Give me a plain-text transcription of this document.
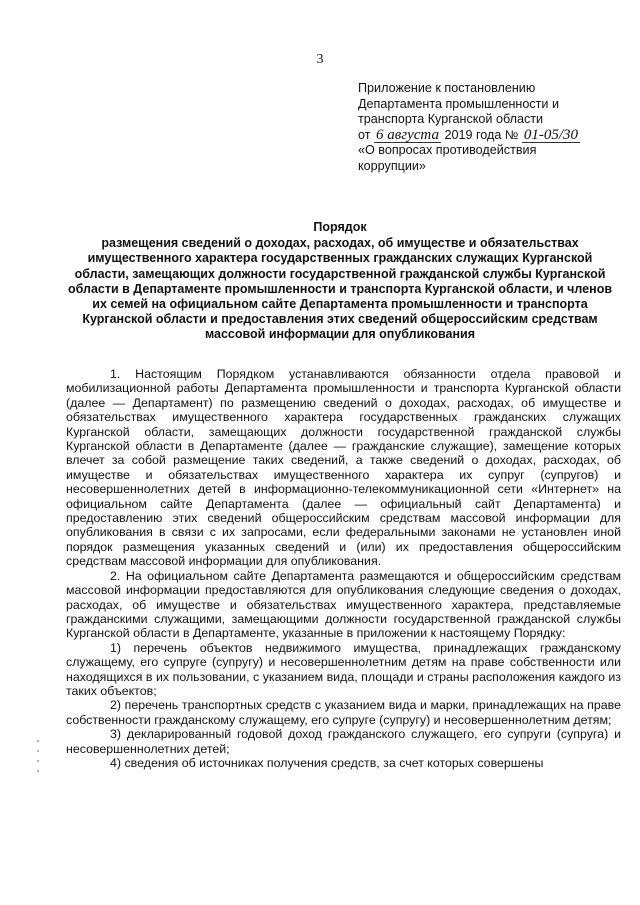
3
Приложение к постановлению
Департамента промышленности и
транспорта Курганской области
от 6 августа 2019 года № 01-05/30
«О вопросах противодействия
коррупции»
Порядок
размещения сведений о доходах, расходах, об имуществе и обязательствах имущественного характера государственных гражданских служащих Курганской области, замещающих должности государственной гражданской службы Курганской области в Департаменте промышленности и транспорта Курганской области, и членов их семей на официальном сайте Департамента промышленности и транспорта Курганской области и предоставления этих сведений общероссийским средствам массовой информации для опубликования

1. Настоящим Порядком устанавливаются обязанности отдела правовой и мобилизационной работы Департамента промышленности и транспорта Курганской области (далее — Департамент) по размещению сведений о доходах, расходах, об имуществе и обязательствах имущественного характера государственных гражданских служащих Курганской области, замещающих должности государственной гражданской службы Курганской области в Департаменте (далее — гражданские служащие), замещение которых влечет за собой размещение таких сведений, а также сведений о доходах, расходах, об имуществе и обязательствах имущественного характера их супруг (супругов) и несовершеннолетних детей в информационно-телекоммуникационной сети «Интернет» на официальном сайте Департамента (далее — официальный сайт Департамента) и предоставлению этих сведений общероссийским средствам массовой информации для опубликования в связи с их запросами, если федеральными законами не установлен иной порядок размещения указанных сведений и (или) их предоставления общероссийским средствам массовой информации для опубликования.

2. На официальном сайте Департамента размещаются и общероссийским средствам массовой информации предоставляются для опубликования следующие сведения о доходах, расходах, об имуществе и обязательствах имущественного характера, представляемые гражданскими служащими, замещающими должности государственной гражданской службы Курганской области в Департаменте, указанные в приложении к настоящему Порядку:

1) перечень объектов недвижимого имущества, принадлежащих гражданскому служащему, его супруге (супругу) и несовершеннолетним детям на праве собственности или находящихся в их пользовании, с указанием вида, площади и страны расположения каждого из таких объектов;

2) перечень транспортных средств с указанием вида и марки, принадлежащих на праве собственности гражданскому служащему, его супруге (супругу) и несовершеннолетним детям;

3) декларированный годовой доход гражданского служащего, его супруги (супруга) и несовершеннолетних детей;

4) сведения об источниках получения средств, за счет которых совершены
